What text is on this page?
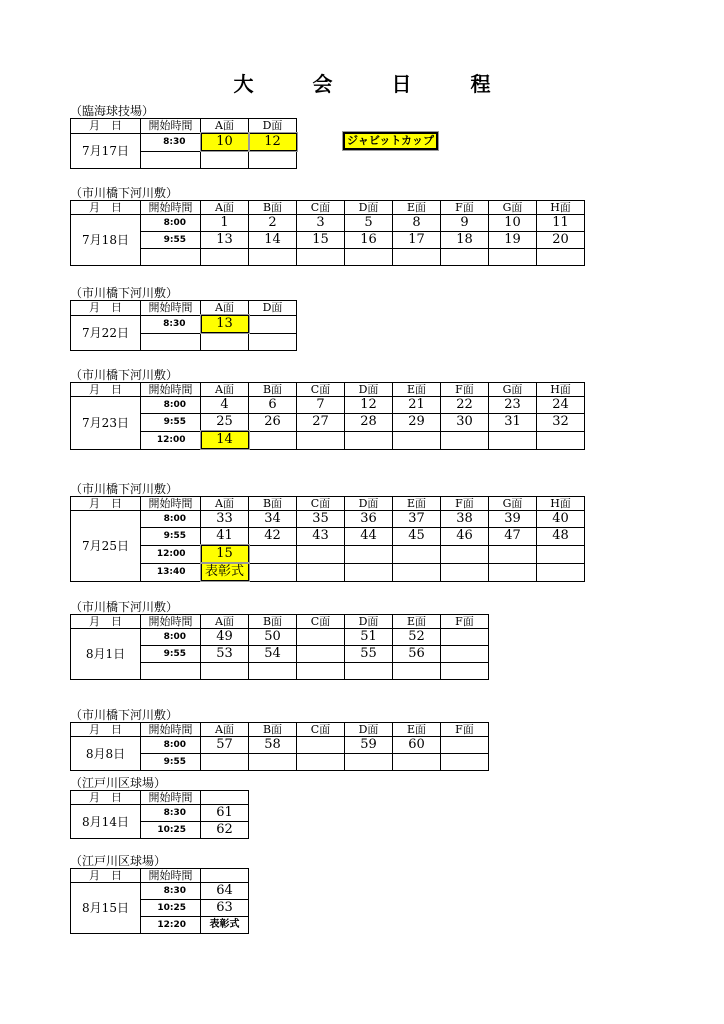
大	会	日	程
ジャビットカップ
（臨海球技場）
月　日	開始時間	A面	D面
7月17日	8:30	10	12

（市川橋下河川敷）
月　日	開始時間	A面	B面	C面	D面	E面	F面	G面	H面
7月18日	8:00	1	2	3	5	8	9	10	11
	9:55	13	14	15	16	17	18	19	20

（市川橋下河川敷）
月　日	開始時間	A面	D面
7月22日	8:30	13	

（市川橋下河川敷）
月　日	開始時間	A面	B面	C面	D面	E面	F面	G面	H面
7月23日	8:00	4	6	7	12	21	22	23	24
	9:55	25	26	27	28	29	30	31	32
	12:00	14							
（市川橋下河川敷）
月　日	開始時間	A面	B面	C面	D面	E面	F面	G面	H面
7月25日	8:00	33	34	35	36	37	38	39	40
	9:55	41	42	43	44	45	46	47	48
	12:00	15							
	13:40	表彰式							
（市川橋下河川敷）
月　日	開始時間	A面	B面	C面	D面	E面	F面
8月1日	8:00	49	50		51	52	
	9:55	53	54		55	56	

（市川橋下河川敷）
月　日	開始時間	A面	B面	C面	D面	E面	F面
8月8日	8:00	57	58		59	60	
	9:55						
（江戸川区球場）
月　日	開始時間	
8月14日	8:30	61
	10:25	62
（江戸川区球場）
月　日	開始時間	
8月15日	8:30	64
	10:25	63
	12:20	表彰式
